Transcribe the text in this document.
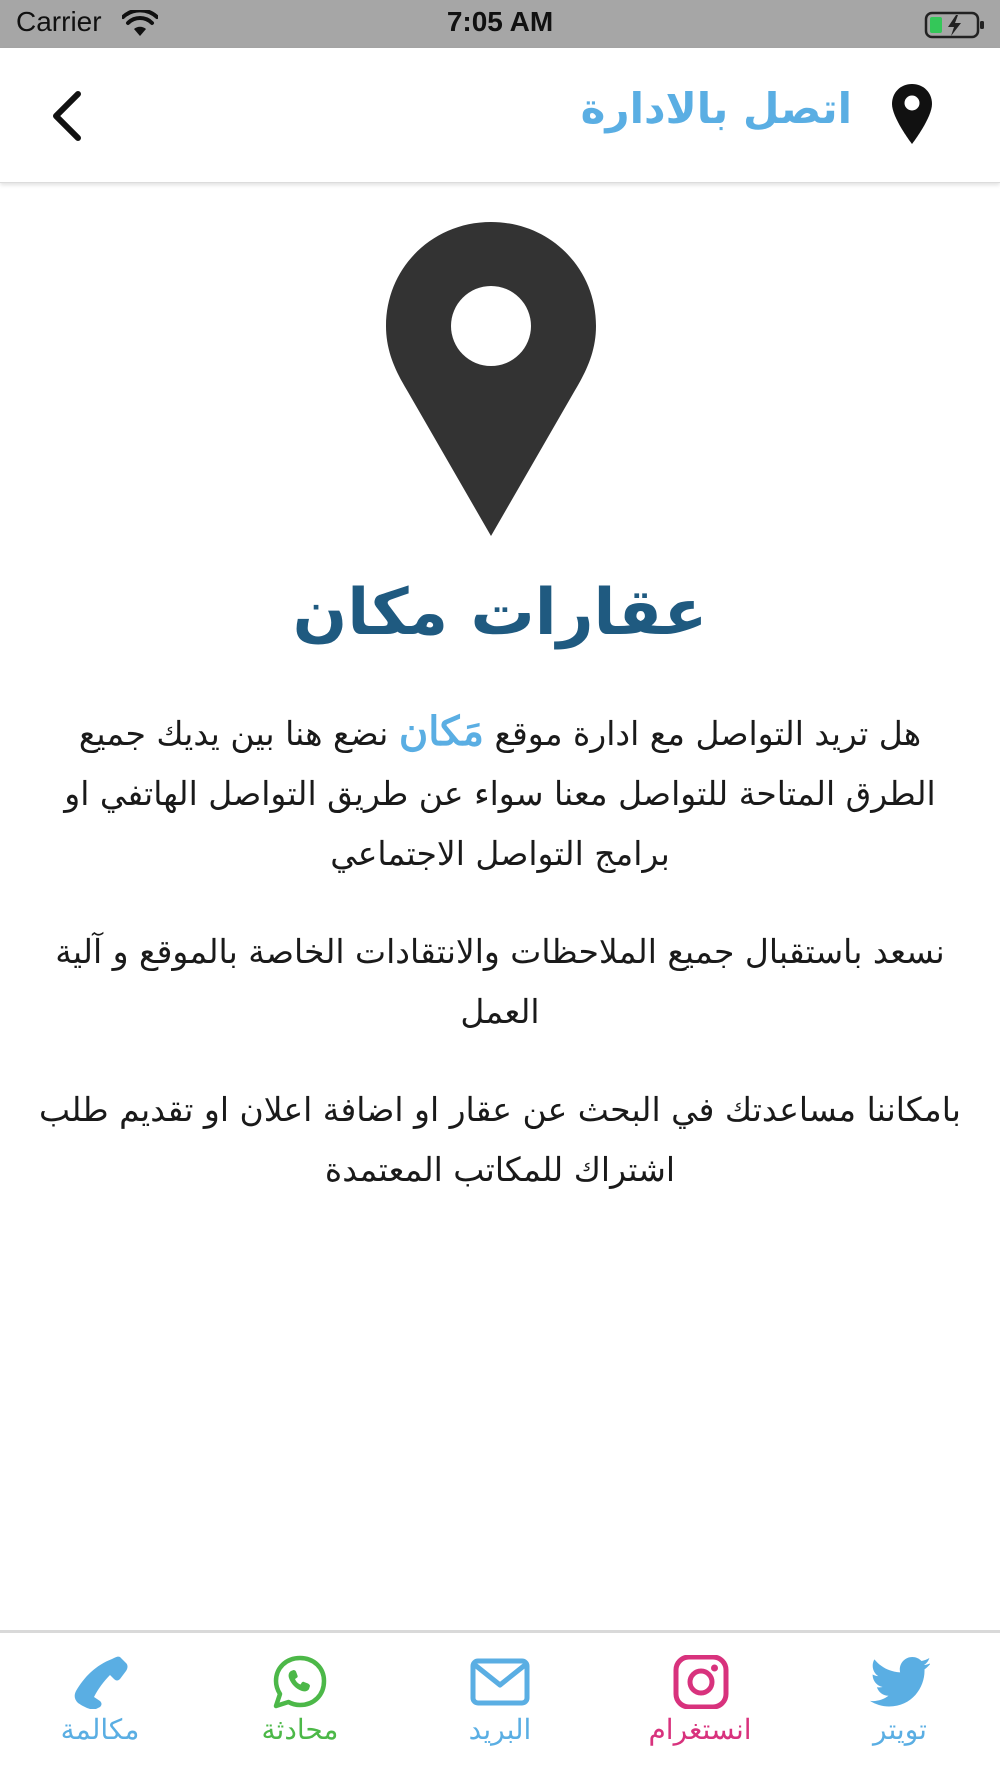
Carrier	7:05 AM
اتصل بالادارة
عقارات مكان
هل تريد التواصل مع ادارة موقع مَكان نضع هنا بين يديك جميع الطرق المتاحة للتواصل معنا سواء عن طريق التواصل الهاتفي او برامج التواصل الاجتماعي
نسعد باستقبال جميع الملاحظات والانتقادات الخاصة بالموقع و آلية العمل
بامكاننا مساعدتك في البحث عن عقار او اضافة اعلان او تقديم طلب اشتراك للمكاتب المعتمدة
مكالمة	محادثة	البريد	انستغرام	تويتر
